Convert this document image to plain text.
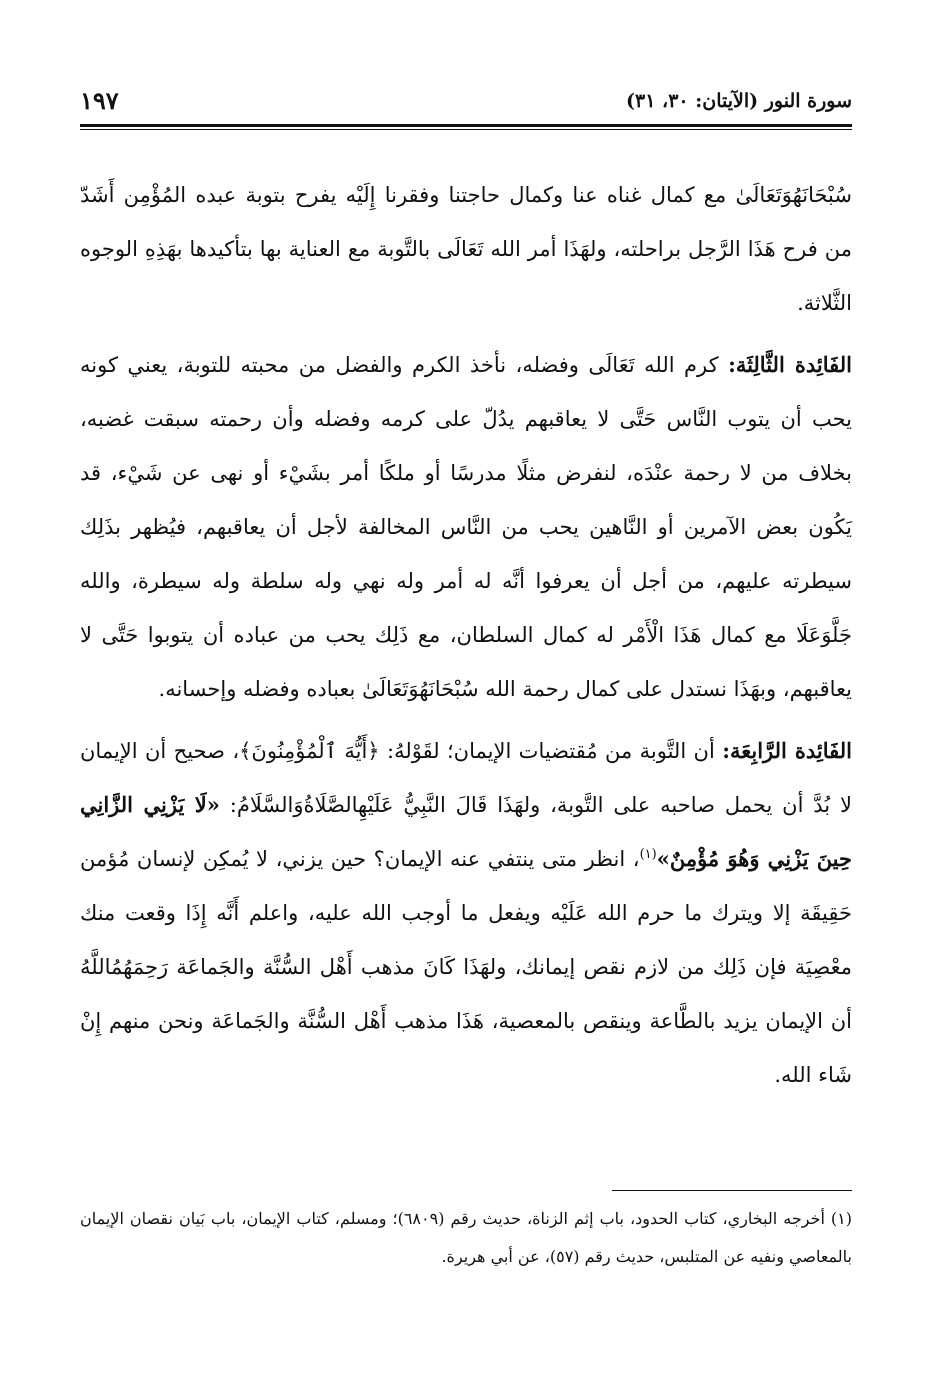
سورة النور (الآيتان: ٣٠، ٣١)
١٩٧

سُبْحَانَهُوَتَعَالَىٰ مع كمال غناه عنا وكمال حاجتنا وفقرنا إِلَيْه يفرح بتوبة عبده المُؤْمِن أَشَدّ من فرح هَذَا الرَّجل براحلته، ولهَذَا أمر الله تَعَالَى بالتَّوبة مع العناية بها بتأكيدها بهَذِهِ الوجوه الثَّلاثة.

الفَائِدة الثَّالِثَة: كرم الله تَعَالَى وفضله، نأخذ الكرم والفضل من محبته للتوبة، يعني كونه يحب أن يتوب النَّاس حَتَّى لا يعاقبهم يدُلّ على كرمه وفضله وأن رحمته سبقت غضبه، بخلاف من لا رحمة عنْدَه، لنفرض مثلًا مدرسًا أو ملكًا أمر بشَيْء أو نهى عن شَيْء، قد يَكُون بعض الآمرين أو النَّاهين يحب من النَّاس المخالفة لأجل أن يعاقبهم، فيُظهر بذَلِك سيطرته عليهم، من أجل أن يعرفوا أنَّه له أمر وله نهي وله سلطة وله سيطرة، والله جَلَّوَعَلَا مع كمال هَذَا الْأَمْر له كمال السلطان، مع ذَلِك يحب من عباده أن يتوبوا حَتَّى لا يعاقبهم، وبهَذَا نستدل على كمال رحمة الله سُبْحَانَهُوَتَعَالَىٰ بعباده وفضله وإحسانه.

الفَائِدة الرَّابِعَة: أن التَّوبة من مُقتضيات الإيمان؛ لقَوْلهُ: ﴿أَيُّهَ ٱلْمُؤْمِنُونَ﴾، صحيح أن الإيمان لا بُدَّ أن يحمل صاحبه على التَّوبة، ولهَذَا قَالَ النَّبِيُّ عَلَيْهِالصَّلَاةُوَالسَّلَامُ: «لَا يَزْنِي الزَّانِي حِينَ يَزْنِي وَهُوَ مُؤْمِنٌ»$^{(١)}$، انظر متى ينتفي عنه الإيمان؟ حين يزني، لا يُمكِن لإنسان مُؤمن حَقِيقَة إلا ويترك ما حرم الله عَلَيْه ويفعل ما أوجب الله عليه، واعلم أَنَّه إِذَا وقعت منك معْصِيَة فإن ذَلِك من لازم نقص إيمانك، ولهَذَا كَانَ مذهب أَهْل السُّنَّة والجَماعَة رَحِمَهُمُاللَّهُ أن الإيمان يزيد بالطَّاعة وينقص بالمعصية، هَذَا مذهب أَهْل السُّنَّة والجَماعَة ونحن منهم إِنْ شَاء الله.

(١) أخرجه البخاري، كتاب الحدود، باب إثم الزناة، حديث رقم (٦٨٠٩)؛ ومسلم، كتاب الإيمان، باب بَيان نقصان الإيمان بالمعاصي ونفيه عن المتلبس، حديث رقم (٥٧)، عن أبي هريرة.
